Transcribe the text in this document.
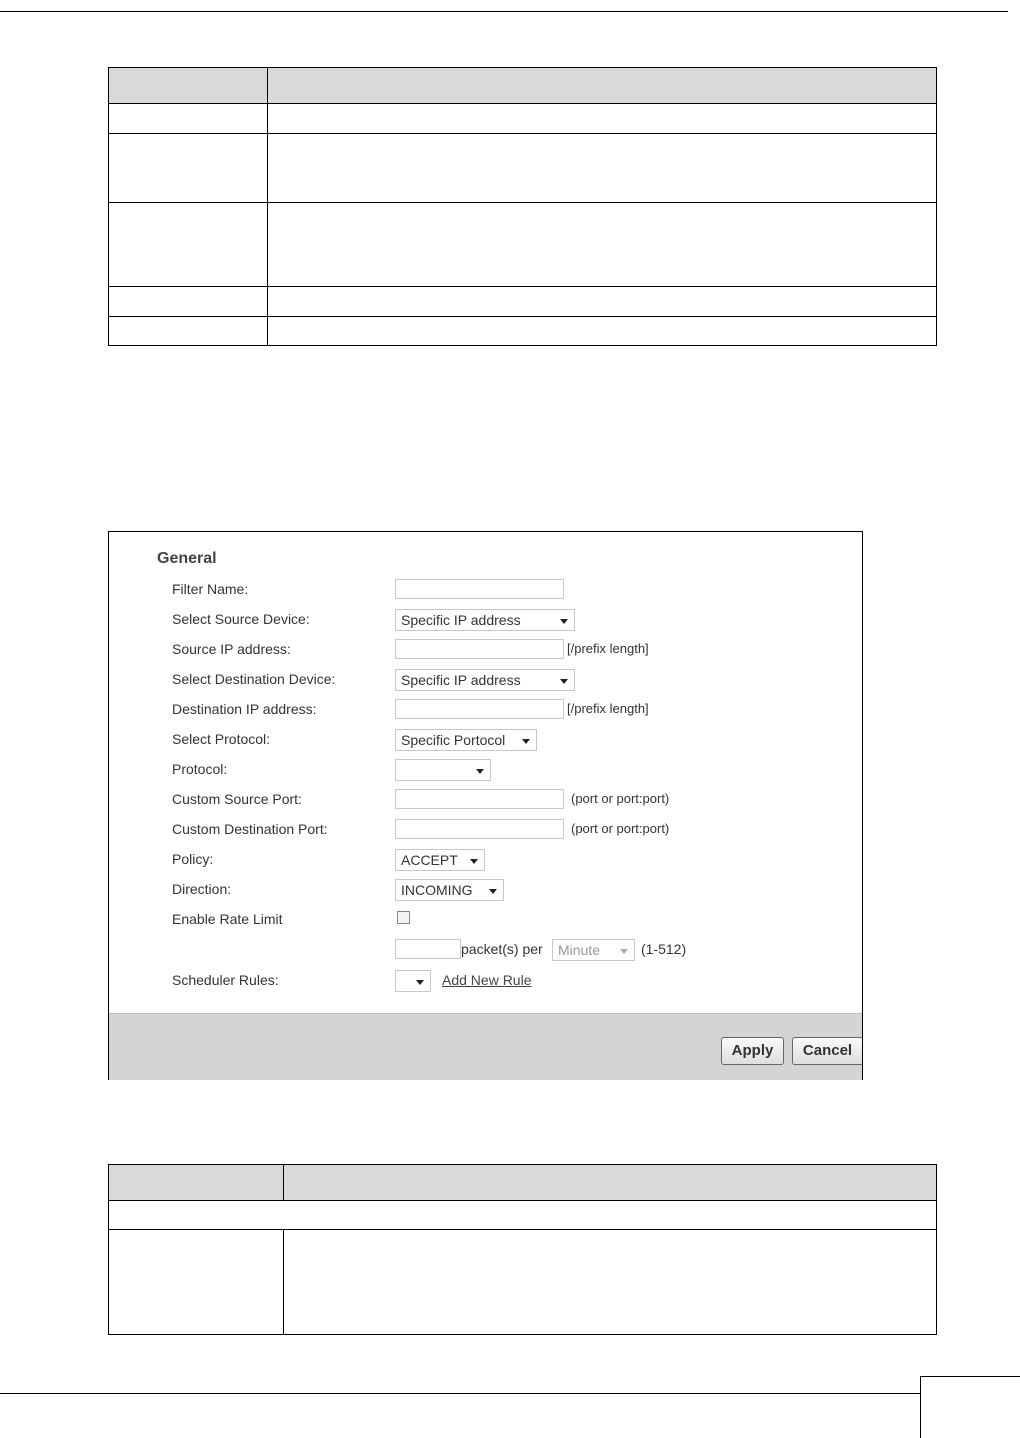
General
Filter Name:
Select Source Device:	Specific IP address
Source IP address:	[/prefix length]
Select Destination Device:	Specific IP address
Destination IP address:	[/prefix length]
Select Protocol:	Specific Portocol
Protocol:
Custom Source Port:	(port or port:port)
Custom Destination Port:	(port or port:port)
Policy:	ACCEPT
Direction:	INCOMING
Enable Rate Limit
packet(s) per	Minute	(1-512)
Scheduler Rules:	Add New Rule
Apply	Cancel
